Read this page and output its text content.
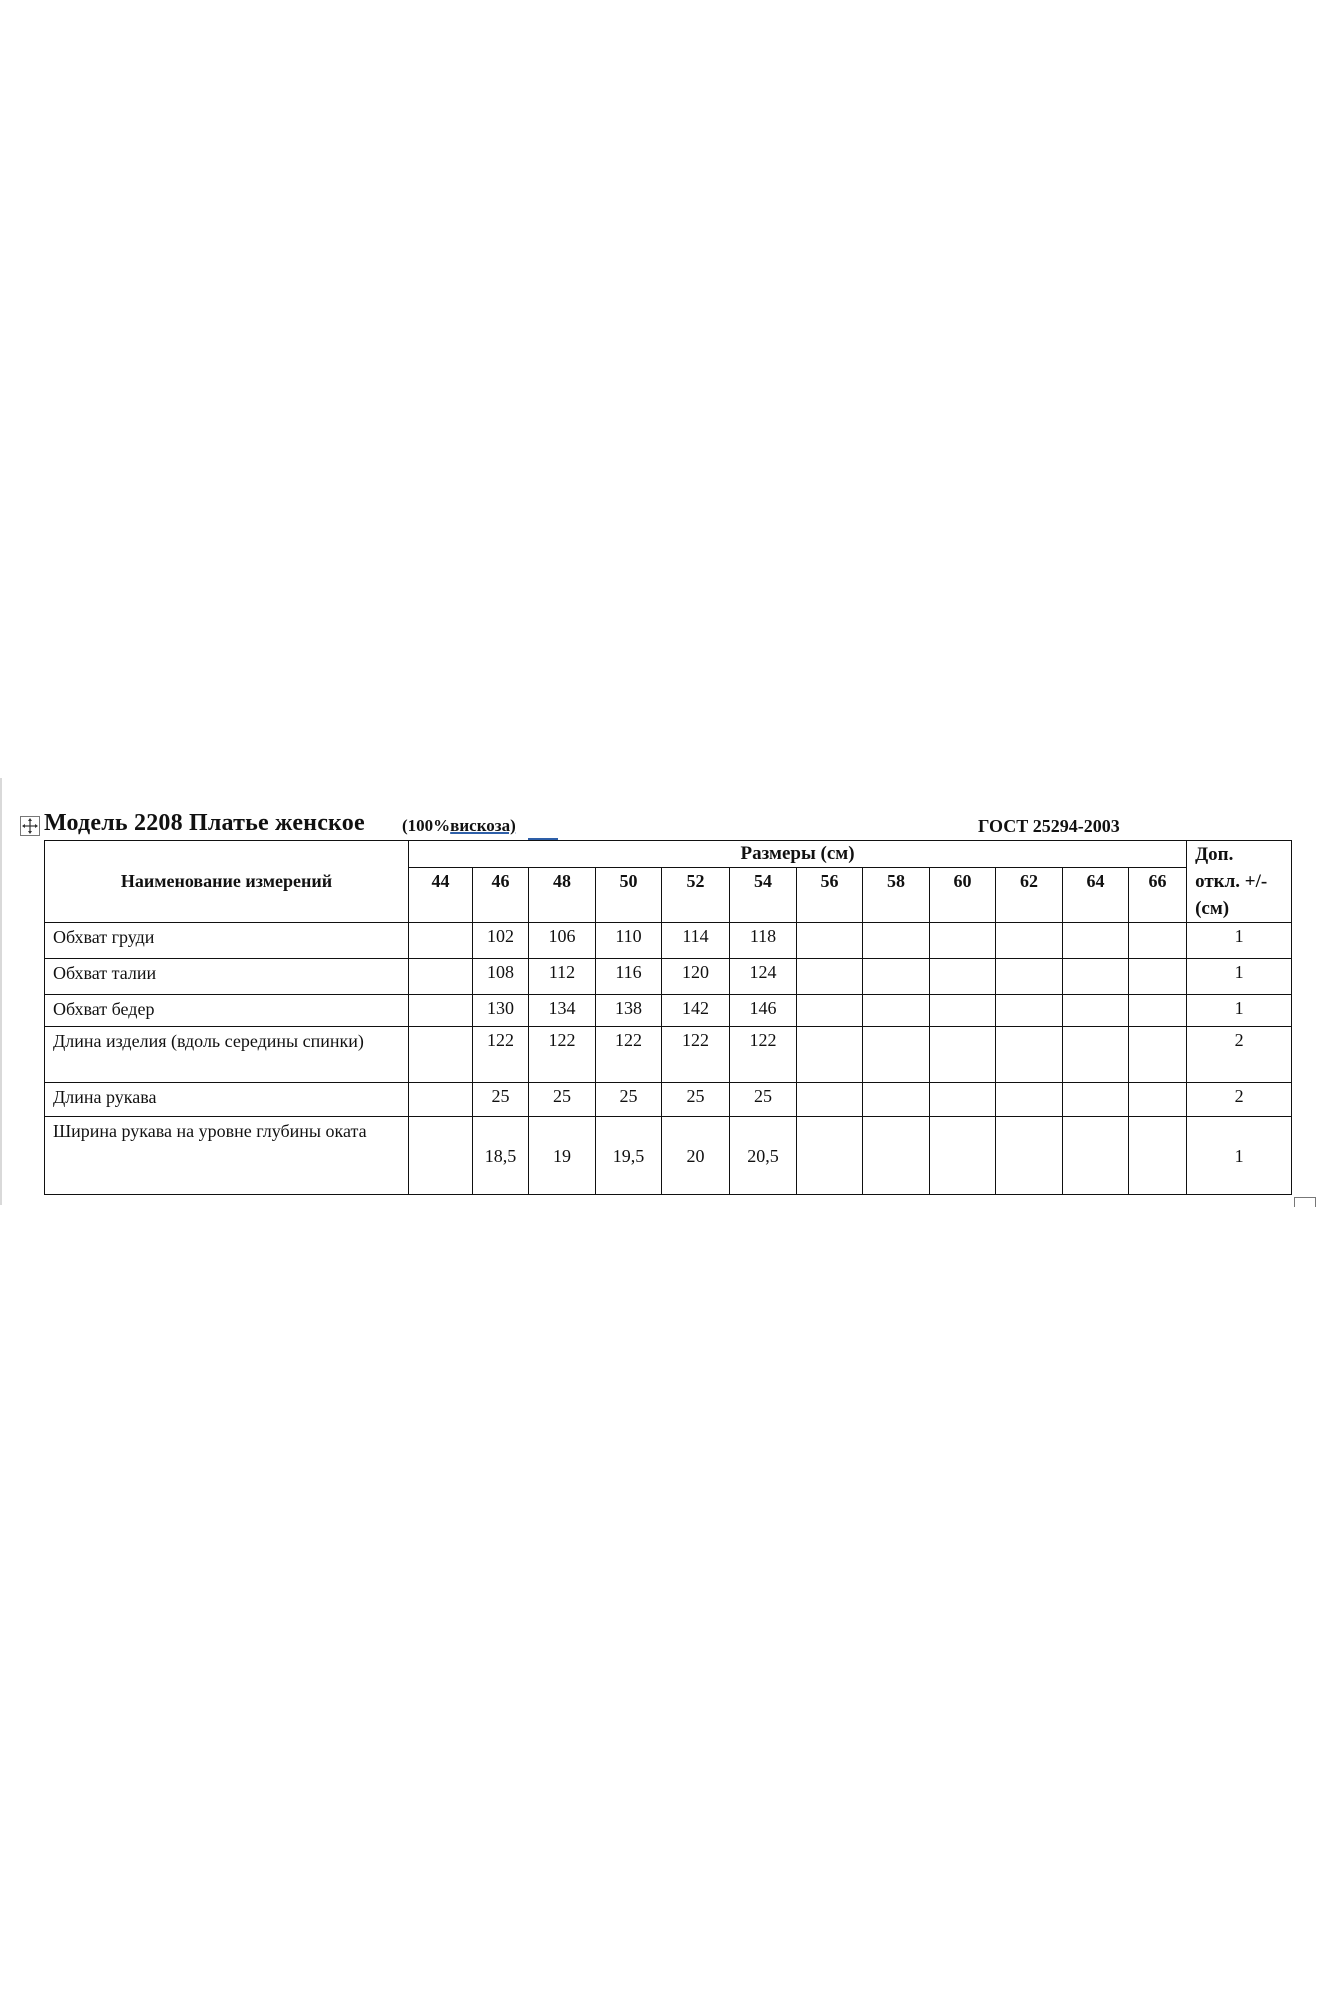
Модель 2208 Платье женское (100%вискоза)	ГОСТ 25294-2003
Наименование измерений	Размеры (см)												Доп.
откл. +/-
(см)

	44	46	48	50	52	54	56	58	60	62	64	66	
Обхват груди		102	106	110	114	118							1
Обхват талии		108	112	116	120	124							1
Обхват бедер		130	134	138	142	146							1
Длина изделия (вдоль середины спинки)		122	122	122	122	122							2
Длина рукава		25	25	25	25	25							2
Ширина рукава на уровне глубины оката		18,5	19	19,5	20	20,5							1
